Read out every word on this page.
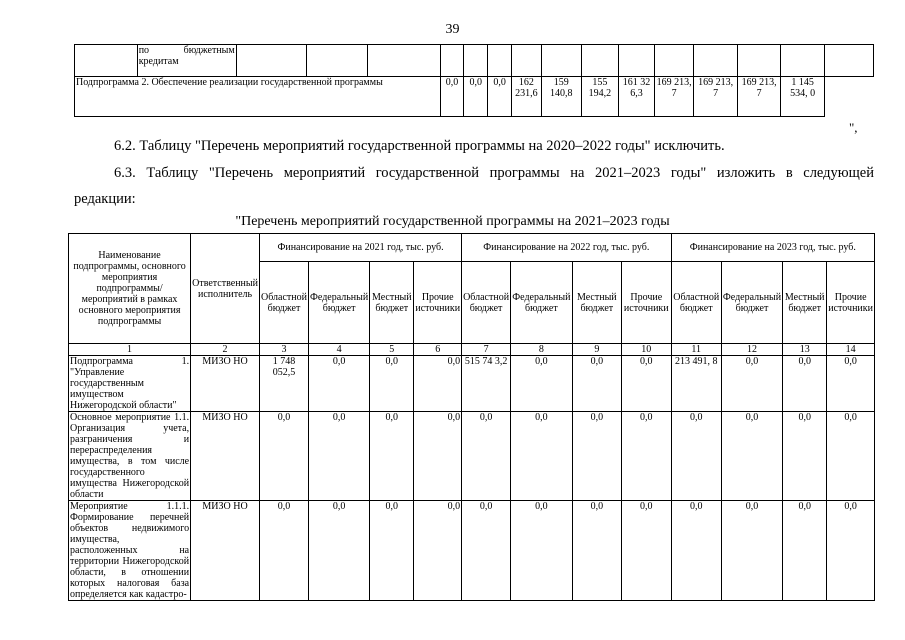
39
	по бюджетным кредитам															
Подпрограмма 2. Обеспечение реализации государственной программы					0,0	0,0	0,0	162 231,6	159 140,8	155 194,2	161 32 6,3	169 213, 7	169 213, 7	169 213, 7	1 145 534, 0
",
6.2. Таблицу "Перечень мероприятий государственной программы на 2020–2022 годы" исключить.
6.3. Таблицу "Перечень мероприятий государственной программы на 2021–2023 годы" изложить в следующей
редакции:
"Перечень мероприятий государственной программы на 2021–2023 годы
Наименование подпрограммы, основного мероприятия подпрограммы/ мероприятий в рамках основного мероприятия подпрограммы	Ответственный исполнитель	Финансирование на 2021 год, тыс. руб.				Финансирование на 2022 год, тыс. руб.				Финансирование на 2023 год, тыс. руб.			
		Областной бюджет	Федеральный бюджет	Местный бюджет	Прочие источники	Областной бюджет	Федеральный бюджет	Местный бюджет	Прочие источники	Областной бюджет	Федеральный бюджет	Местный бюджет	Прочие источники
1	2	3	4	5	6	7	8	9	10	11	12	13	14
Подпрограмма 1. "Управление государственным имуществом Нижегородской области"	МИЗО НО	1 748 052,5	0,0	0,0	0,0	515 74 3,2	0,0	0,0	0,0	213 491, 8	0,0	0,0	0,0
Основное мероприятие 1.1. Организация учета, разграничения и перераспределения имущества, в том числе государственного имущества Нижегородской области	МИЗО НО	0,0	0,0	0,0	0,0	0,0	0,0	0,0	0,0	0,0	0,0	0,0	0,0
Мероприятие 1.1.1. Формирование перечней объектов недвижимого имущества, расположенных на территории Нижегородской области, в отношении которых налоговая база определяется как кадастро-	МИЗО НО	0,0	0,0	0,0	0,0	0,0	0,0	0,0	0,0	0,0	0,0	0,0	0,0
